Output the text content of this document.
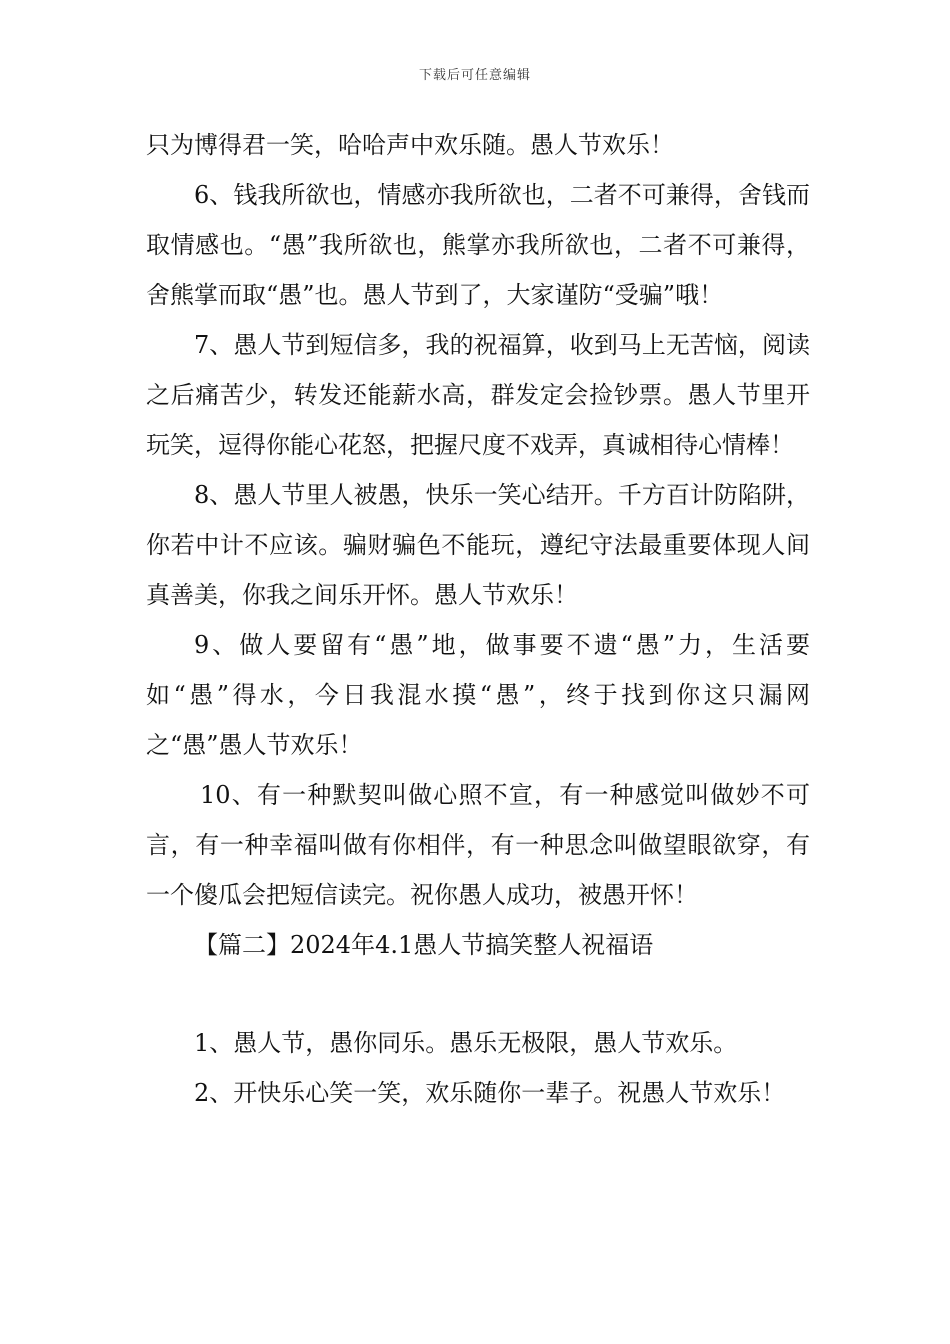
下载后可任意编辑

只为博得君一笑，哈哈声中欢乐随。愚人节欢乐！

6、钱我所欲也，情感亦我所欲也，二者不可兼得，舍钱而取情感也。“愚”我所欲也，熊掌亦我所欲也，二者不可兼得，舍熊掌而取“愚”也。愚人节到了，大家谨防“受骗”哦！

7、愚人节到短信多，我的祝福算，收到马上无苦恼，阅读之后痛苦少，转发还能薪水高，群发定会捡钞票。愚人节里开玩笑，逗得你能心花怒，把握尺度不戏弄，真诚相待心情棒！

8、愚人节里人被愚，快乐一笑心结开。千方百计防陷阱，你若中计不应该。骗财骗色不能玩，遵纪守法最重要体现人间真善美，你我之间乐开怀。愚人节欢乐！

9、做人要留有“愚”地，做事要不遗“愚”力，生活要如“愚”得水，今日我混水摸“愚”，终于找到你这只漏网之“愚”愚人节欢乐！

10、有一种默契叫做心照不宣，有一种感觉叫做妙不可言，有一种幸福叫做有你相伴，有一种思念叫做望眼欲穿，有一个傻瓜会把短信读完。祝你愚人成功，被愚开怀！

【篇二】2024年4.1愚人节搞笑整人祝福语

1、愚人节，愚你同乐。愚乐无极限，愚人节欢乐。

2、开快乐心笑一笑，欢乐随你一辈子。祝愚人节欢乐！
